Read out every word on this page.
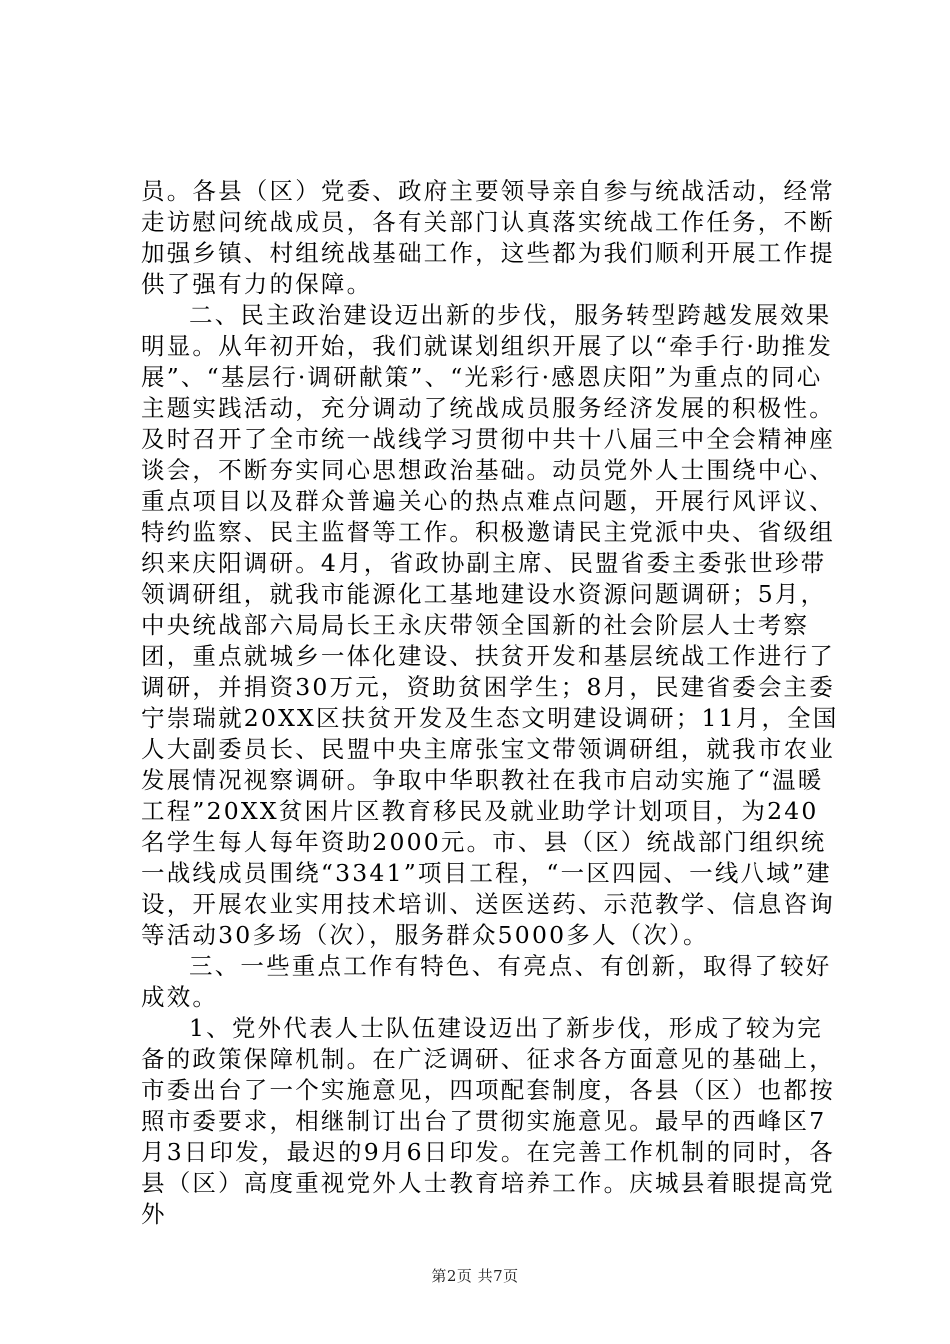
员。各县（区）党委、政府主要领导亲自参与统战活动，经常走访慰问统战成员，各有关部门认真落实统战工作任务，不断加强乡镇、村组统战基础工作，这些都为我们顺利开展工作提供了强有力的保障。

二、民主政治建设迈出新的步伐，服务转型跨越发展效果明显。从年初开始，我们就谋划组织开展了以“牵手行·助推发展”、“基层行·调研献策”、“光彩行·感恩庆阳”为重点的同心主题实践活动，充分调动了统战成员服务经济发展的积极性。及时召开了全市统一战线学习贯彻中共十八届三中全会精神座谈会，不断夯实同心思想政治基础。动员党外人士围绕中心、重点项目以及群众普遍关心的热点难点问题，开展行风评议、特约监察、民主监督等工作。积极邀请民主党派中央、省级组织来庆阳调研。4月，省政协副主席、民盟省委主委张世珍带领调研组，就我市能源化工基地建设水资源问题调研；5月，中央统战部六局局长王永庆带领全国新的社会阶层人士考察团，重点就城乡一体化建设、扶贫开发和基层统战工作进行了调研，并捐资30万元，资助贫困学生；8月，民建省委会主委宁崇瑞就20XX区扶贫开发及生态文明建设调研；11月，全国人大副委员长、民盟中央主席张宝文带领调研组，就我市农业发展情况视察调研。争取中华职教社在我市启动实施了“温暖工程”20XX贫困片区教育移民及就业助学计划项目，为240名学生每人每年资助2000元。市、县（区）统战部门组织统一战线成员围绕“3341”项目工程，“一区四园、一线八域”建设，开展农业实用技术培训、送医送药、示范教学、信息咨询等活动30多场（次），服务群众5000多人（次）。

三、一些重点工作有特色、有亮点、有创新，取得了较好成效。

1、党外代表人士队伍建设迈出了新步伐，形成了较为完备的政策保障机制。在广泛调研、征求各方面意见的基础上，市委出台了一个实施意见，四项配套制度，各县（区）也都按照市委要求，相继制订出台了贯彻实施意见。最早的西峰区7月3日印发，最迟的9月6日印发。在完善工作机制的同时，各县（区）高度重视党外人士教育培养工作。庆城县着眼提高党外

第2页 共7页
